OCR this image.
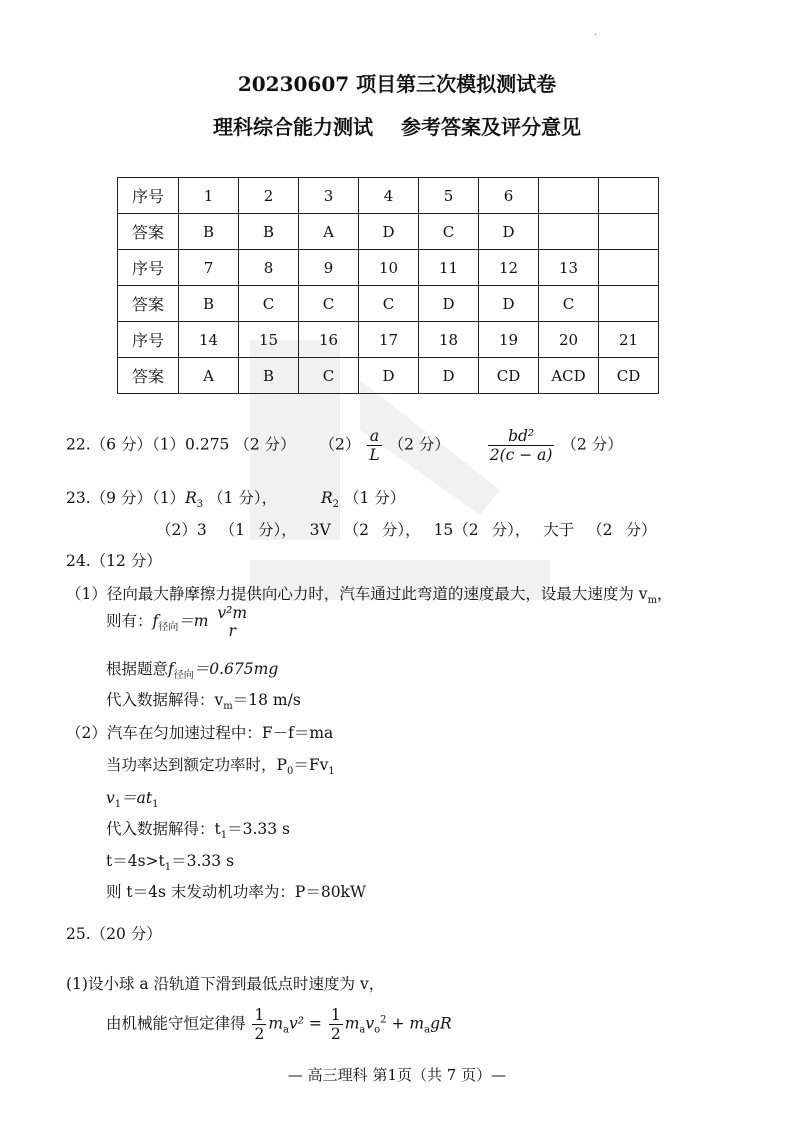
·
20230607 项目第三次模拟测试卷
理科综合能力测试 参考答案及评分意见
序号	1	2	3	4	5	6		
答案	B	B	A	D	C	D		
序号	7	8	9	10	11	12	13	
答案	B	C	C	C	D	D	C	
序号	14	15	16	17	18	19	20	21
答案	A	B	C	D	D	CD	ACD	CD
22.（6 分）（1）0.275 （2 分） $(2) \frac{a}{L} (2$ 分） $\frac{\text{bd²}}{2(c - a)} (2$ 分）
23.（9 分）$(1)R_3$ （1 分），	$R_2$ （1 分）
（2）3 （1 分）， 3V （2 分）， 15（2 分）， 大于 （2 分）
24.（12 分）
（1）径向最大静摩擦力提供向心力时，汽车通过此弯道的速度最大，设最大速度为 $v_m$，
则有：$f_{径向}=m$ v²m
r
根据题意$f_{径向}=0.675mg$
代入数据解得：$v_m=18$ m/s
（2）汽车在匀加速过程中：F－f＝ma
当功率达到额定功率时，$P_0=Fv_1$
$v_1=at_1$
代入数据解得：$t_1=3.33$ s
$t=4s>t_1=3.33$ s
则 t＝4s 末发动机功率为：P＝80kW
25.（20 分）
(1)设小球 a 沿轨道下滑到最低点时速度为 v，
由机械能守恒定律得 $\frac{1}{2} m_av^2 = \frac{1}{2} m_av_o^2 + m_agR$
— 高三理科 第1页（共 7 页）—
